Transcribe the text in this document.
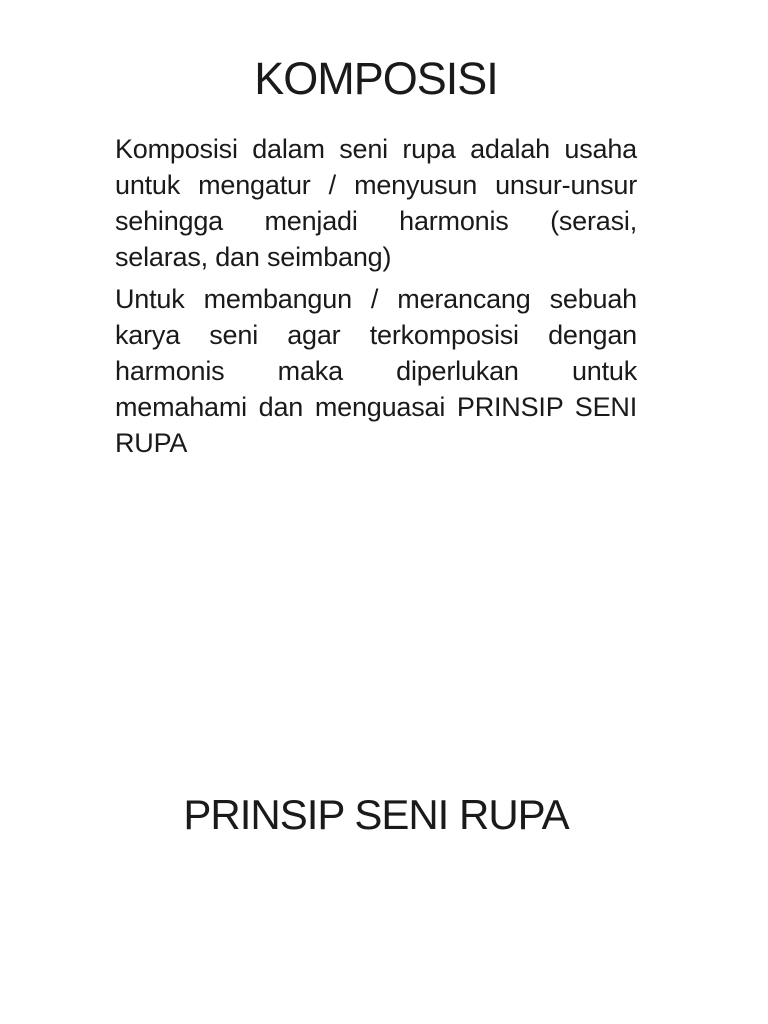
KOMPOSISI
Komposisi dalam seni rupa adalah usaha
untuk mengatur / menyusun unsur-unsur
sehingga menjadi harmonis (serasi,
selaras, dan seimbang)
Untuk membangun / merancang sebuah
karya seni agar terkomposisi dengan
harmonis maka diperlukan untuk
memahami dan menguasai PRINSIP SENI
RUPA
PRINSIP SENI RUPA
